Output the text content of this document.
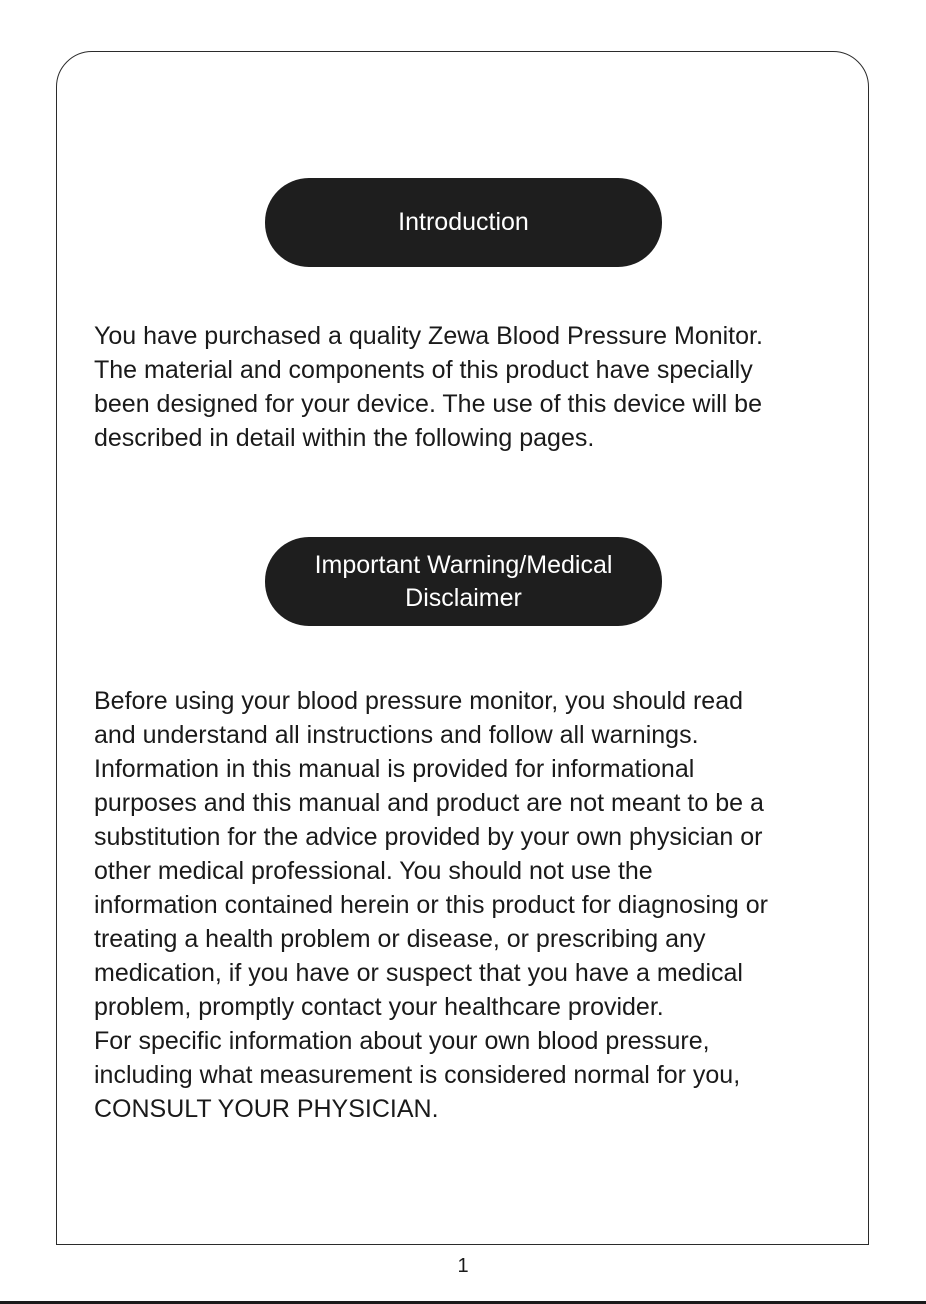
Introduction
You have purchased a quality Zewa Blood Pressure Monitor.
The material and components of this product have specially
been designed for your device. The use of this device will be
described in detail within the following pages.
Important Warning/Medical
Disclaimer
Before using your blood pressure monitor, you should read
and understand all instructions and follow all warnings.
Information in this manual is provided for informational
purposes and this manual and product are not meant to be a
substitution for the advice provided by your own physician or
other medical professional. You should not use the
information contained herein or this product for diagnosing or
treating a health problem or disease, or prescribing any
medication, if you have or suspect that you have a medical
problem, promptly contact your healthcare provider.
For specific information about your own blood pressure,
including what measurement is considered normal for you,
CONSULT YOUR PHYSICIAN.
1
